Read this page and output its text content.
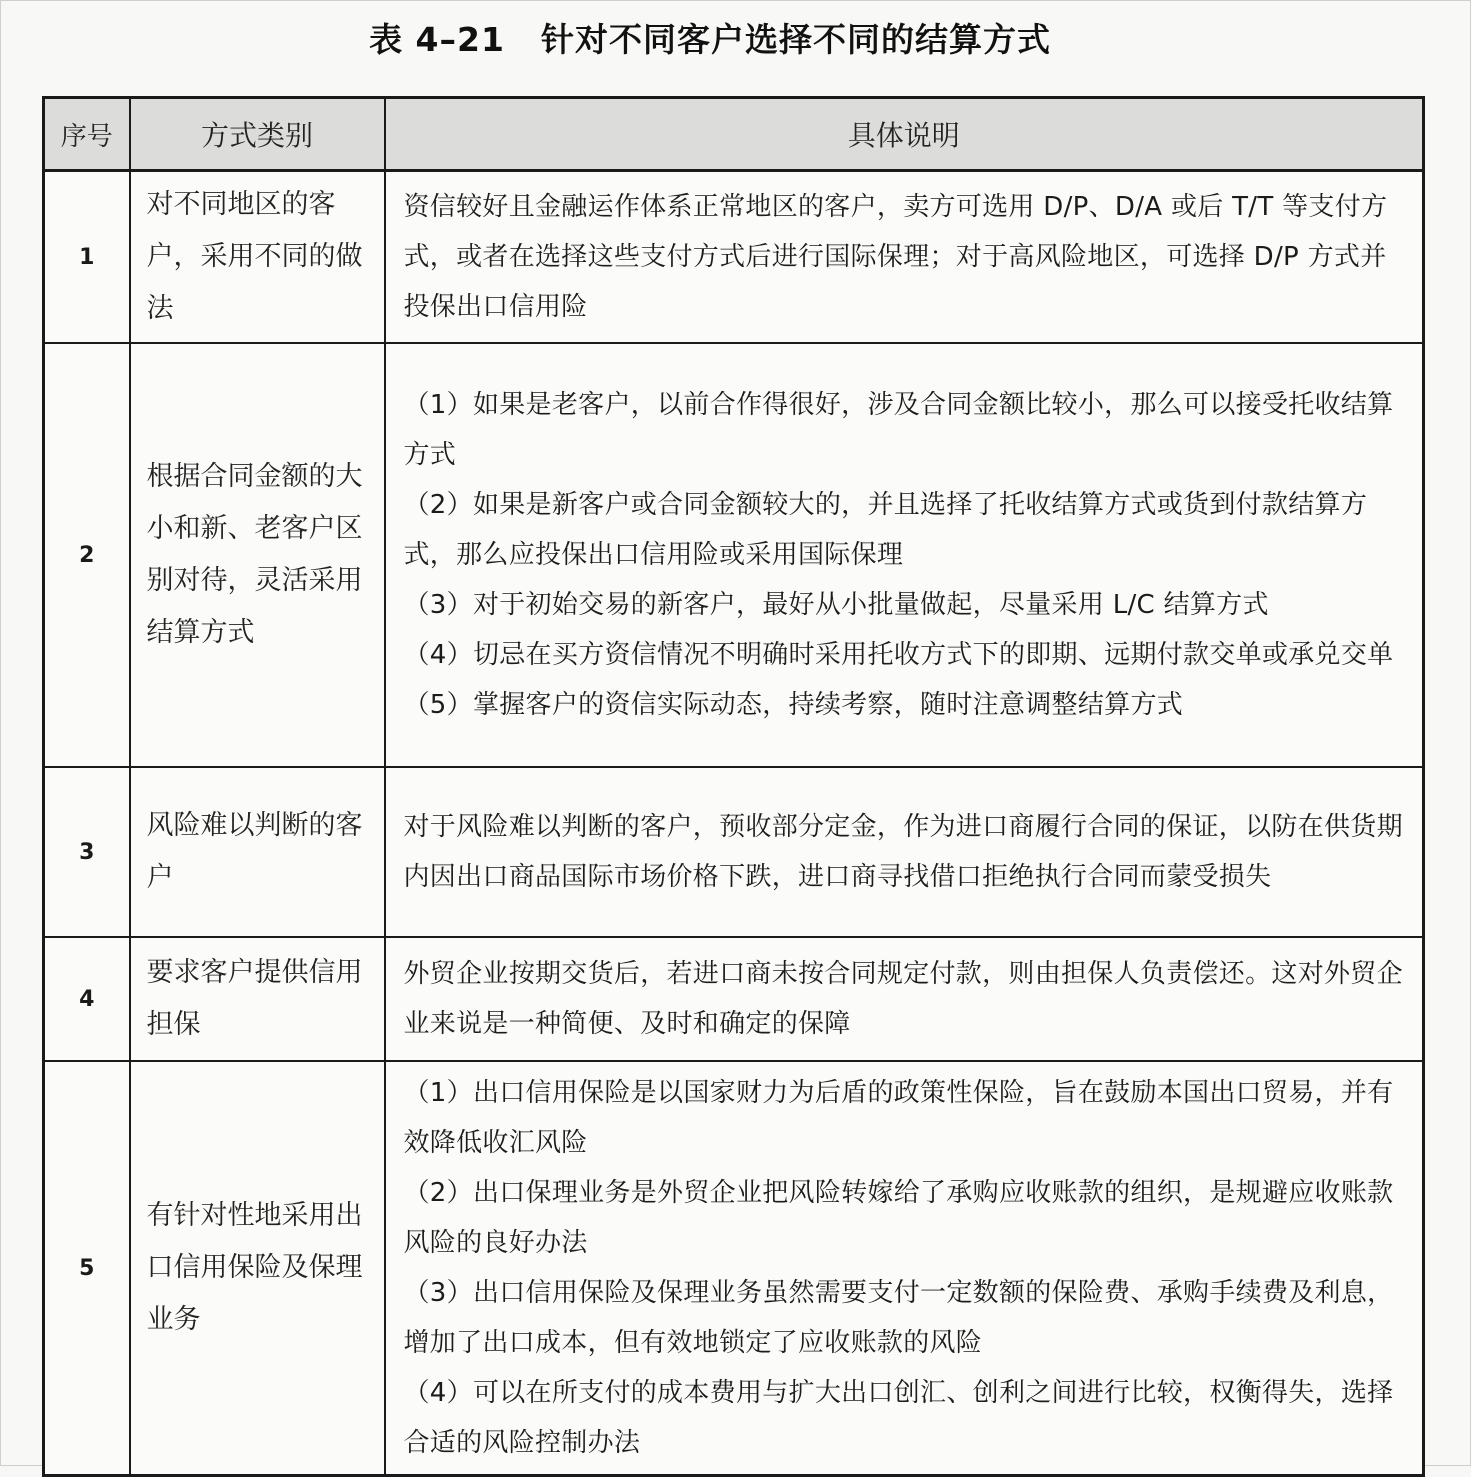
表 4–21 针对不同客户选择不同的结算方式
序号	方式类别	具体说明
1	对不同地区的客户，采用不同的做法	资信较好且金融运作体系正常地区的客户，卖方可选用 D/P、D/A 或后 T/T 等支付方式，或者在选择这些支付方式后进行国际保理；对于高风险地区，可选择 D/P 方式并投保出口信用险

2	根据合同金额的大小和新、老客户区别对待，灵活采用结算方式	（1）如果是老客户，以前合作得很好，涉及合同金额比较小，那么可以接受托收结算方式
（2）如果是新客户或合同金额较大的，并且选择了托收结算方式或货到付款结算方式，那么应投保出口信用险或采用国际保理
（3）对于初始交易的新客户，最好从小批量做起，尽量采用 L/C 结算方式
（4）切忌在买方资信情况不明确时采用托收方式下的即期、远期付款交单或承兑交单
（5）掌握客户的资信实际动态，持续考察，随时注意调整结算方式

3	风险难以判断的客户	对于风险难以判断的客户，预收部分定金，作为进口商履行合同的保证，以防在供货期内因出口商品国际市场价格下跌，进口商寻找借口拒绝执行合同而蒙受损失

4	要求客户提供信用担保	外贸企业按期交货后，若进口商未按合同规定付款，则由担保人负责偿还。这对外贸企业来说是一种简便、及时和确定的保障

5	有针对性地采用出口信用保险及保理业务	（1）出口信用保险是以国家财力为后盾的政策性保险，旨在鼓励本国出口贸易，并有效降低收汇风险
（2）出口保理业务是外贸企业把风险转嫁给了承购应收账款的组织，是规避应收账款风险的良好办法
（3）出口信用保险及保理业务虽然需要支付一定数额的保险费、承购手续费及利息，增加了出口成本，但有效地锁定了应收账款的风险
（4）可以在所支付的成本费用与扩大出口创汇、创利之间进行比较，权衡得失，选择合适的风险控制办法
